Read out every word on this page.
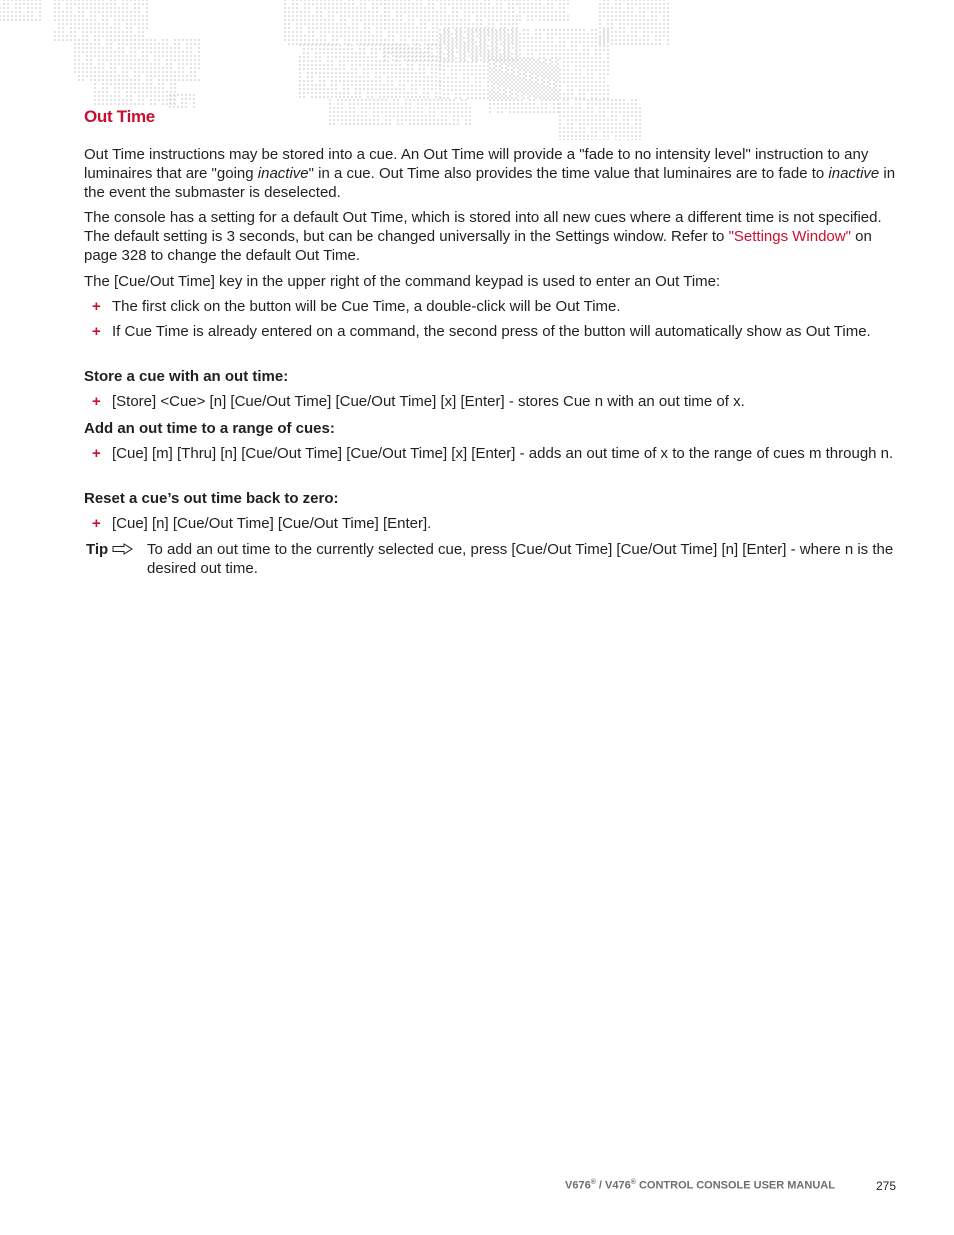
Out Time

Out Time instructions may be stored into a cue. An Out Time will provide a "fade to no intensity level" instruction to any luminaires that are "going inactive" in a cue. Out Time also provides the time value that luminaires are to fade to inactive in the event the submaster is deselected.

The console has a setting for a default Out Time, which is stored into all new cues where a different time is not specified. The default setting is 3 seconds, but can be changed universally in the Settings window. Refer to "Settings Window" on page 328 to change the default Out Time.

The [Cue/Out Time] key in the upper right of the command keypad is used to enter an Out Time:

+ The first click on the button will be Cue Time, a double-click will be Out Time.
+ If Cue Time is already entered on a command, the second press of the button will automatically show as Out Time.
Store a cue with an out time:
+ [Store] <Cue> [n] [Cue/Out Time] [Cue/Out Time] [x] [Enter] - stores Cue n with an out time of x.
Add an out time to a range of cues:
+ [Cue] [m] [Thru] [n] [Cue/Out Time] [Cue/Out Time] [x] [Enter] - adds an out time of x to the range of cues m through n.
Reset a cue’s out time back to zero:
+ [Cue] [n] [Cue/Out Time] [Cue/Out Time] [Enter].
Tip	To add an out time to the currently selected cue, press [Cue/Out Time] [Cue/Out Time] [n] [Enter] - where n is the desired out time.
V676® / V476® CONTROL CONSOLE USER MANUAL	275
